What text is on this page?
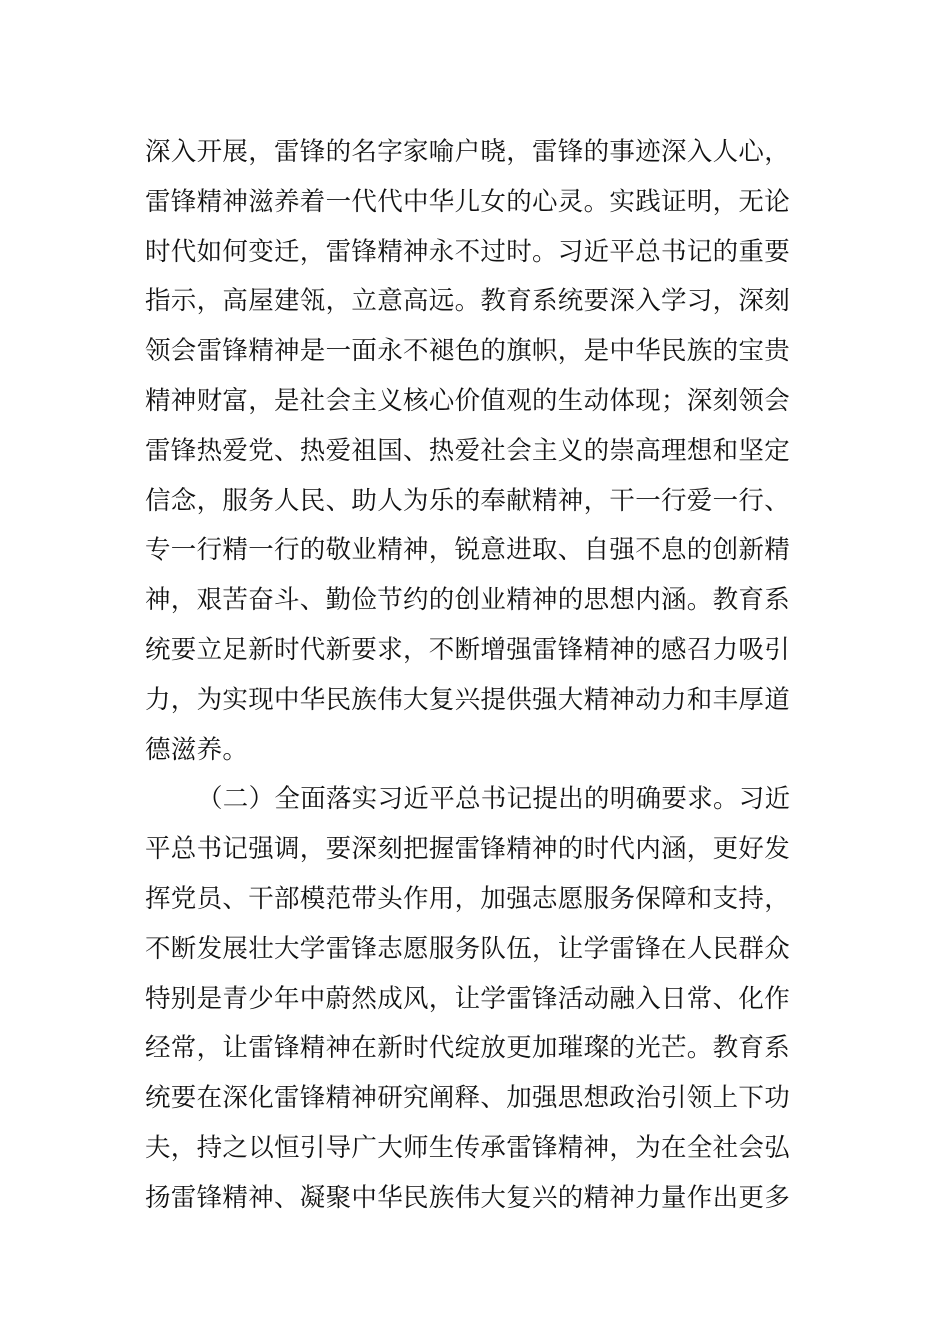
深入开展，雷锋的名字家喻户晓，雷锋的事迹深入人心，
雷锋精神滋养着一代代中华儿女的心灵。实践证明，无论
时代如何变迁，雷锋精神永不过时。习近平总书记的重要
指示，高屋建瓴，立意高远。教育系统要深入学习，深刻
领会雷锋精神是一面永不褪色的旗帜，是中华民族的宝贵
精神财富，是社会主义核心价值观的生动体现；深刻领会
雷锋热爱党、热爱祖国、热爱社会主义的崇高理想和坚定
信念，服务人民、助人为乐的奉献精神，干一行爱一行、
专一行精一行的敬业精神，锐意进取、自强不息的创新精
神，艰苦奋斗、勤俭节约的创业精神的思想内涵。教育系
统要立足新时代新要求，不断增强雷锋精神的感召力吸引
力，为实现中华民族伟大复兴提供强大精神动力和丰厚道
德滋养。
（二）全面落实习近平总书记提出的明确要求。习近
平总书记强调，要深刻把握雷锋精神的时代内涵，更好发
挥党员、干部模范带头作用，加强志愿服务保障和支持，
不断发展壮大学雷锋志愿服务队伍，让学雷锋在人民群众
特别是青少年中蔚然成风，让学雷锋活动融入日常、化作
经常，让雷锋精神在新时代绽放更加璀璨的光芒。教育系
统要在深化雷锋精神研究阐释、加强思想政治引领上下功
夫，持之以恒引导广大师生传承雷锋精神，为在全社会弘
扬雷锋精神、凝聚中华民族伟大复兴的精神力量作出更多
